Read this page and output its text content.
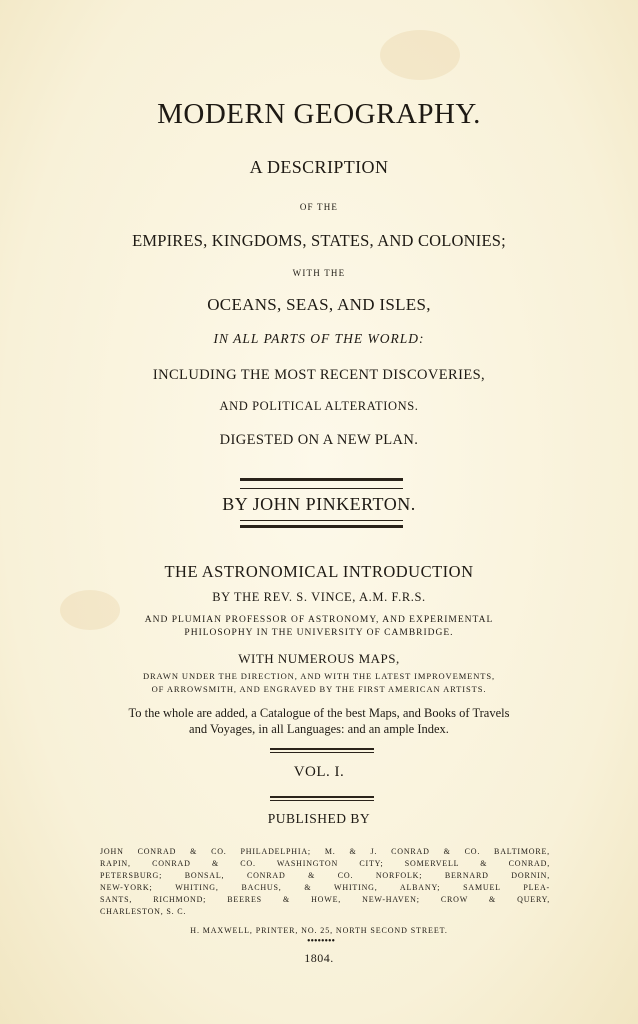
MODERN GEOGRAPHY.

A DESCRIPTION

OF THE

EMPIRES, KINGDOMS, STATES, AND COLONIES;

WITH THE

OCEANS, SEAS, AND ISLES,

IN ALL PARTS OF THE WORLD:

INCLUDING THE MOST RECENT DISCOVERIES,

AND POLITICAL ALTERATIONS.

DIGESTED ON A NEW PLAN.

BY JOHN PINKERTON.

THE ASTRONOMICAL INTRODUCTION

BY THE REV. S. VINCE, A.M. F.R.S.

AND PLUMIAN PROFESSOR OF ASTRONOMY, AND EXPERIMENTAL

PHILOSOPHY IN THE UNIVERSITY OF CAMBRIDGE.

WITH NUMEROUS MAPS,

DRAWN UNDER THE DIRECTION, AND WITH THE LATEST IMPROVEMENTS,

OF ARROWSMITH, AND ENGRAVED BY THE FIRST AMERICAN ARTISTS.

To the whole are added, a Catalogue of the best Maps, and Books of Travels

and Voyages, in all Languages: and an ample Index.

VOL. I.

PUBLISHED BY

JOHN CONRAD & CO. PHILADELPHIA; M. & J. CONRAD & CO. BALTIMORE,
RAPIN, CONRAD & CO. WASHINGTON CITY; SOMERVELL & CONRAD,
PETERSBURG; BONSAL, CONRAD & CO. NORFOLK; BERNARD DORNIN,
NEW-YORK; WHITING, BACHUS, & WHITING, ALBANY; SAMUEL PLEA-
SANTS, RICHMOND; BEERES & HOWE, NEW-HAVEN; CROW & QUERY,
CHARLESTON, S. C.

H. MAXWELL, PRINTER, NO. 25, NORTH SECOND STREET.

••••••••

1804.
